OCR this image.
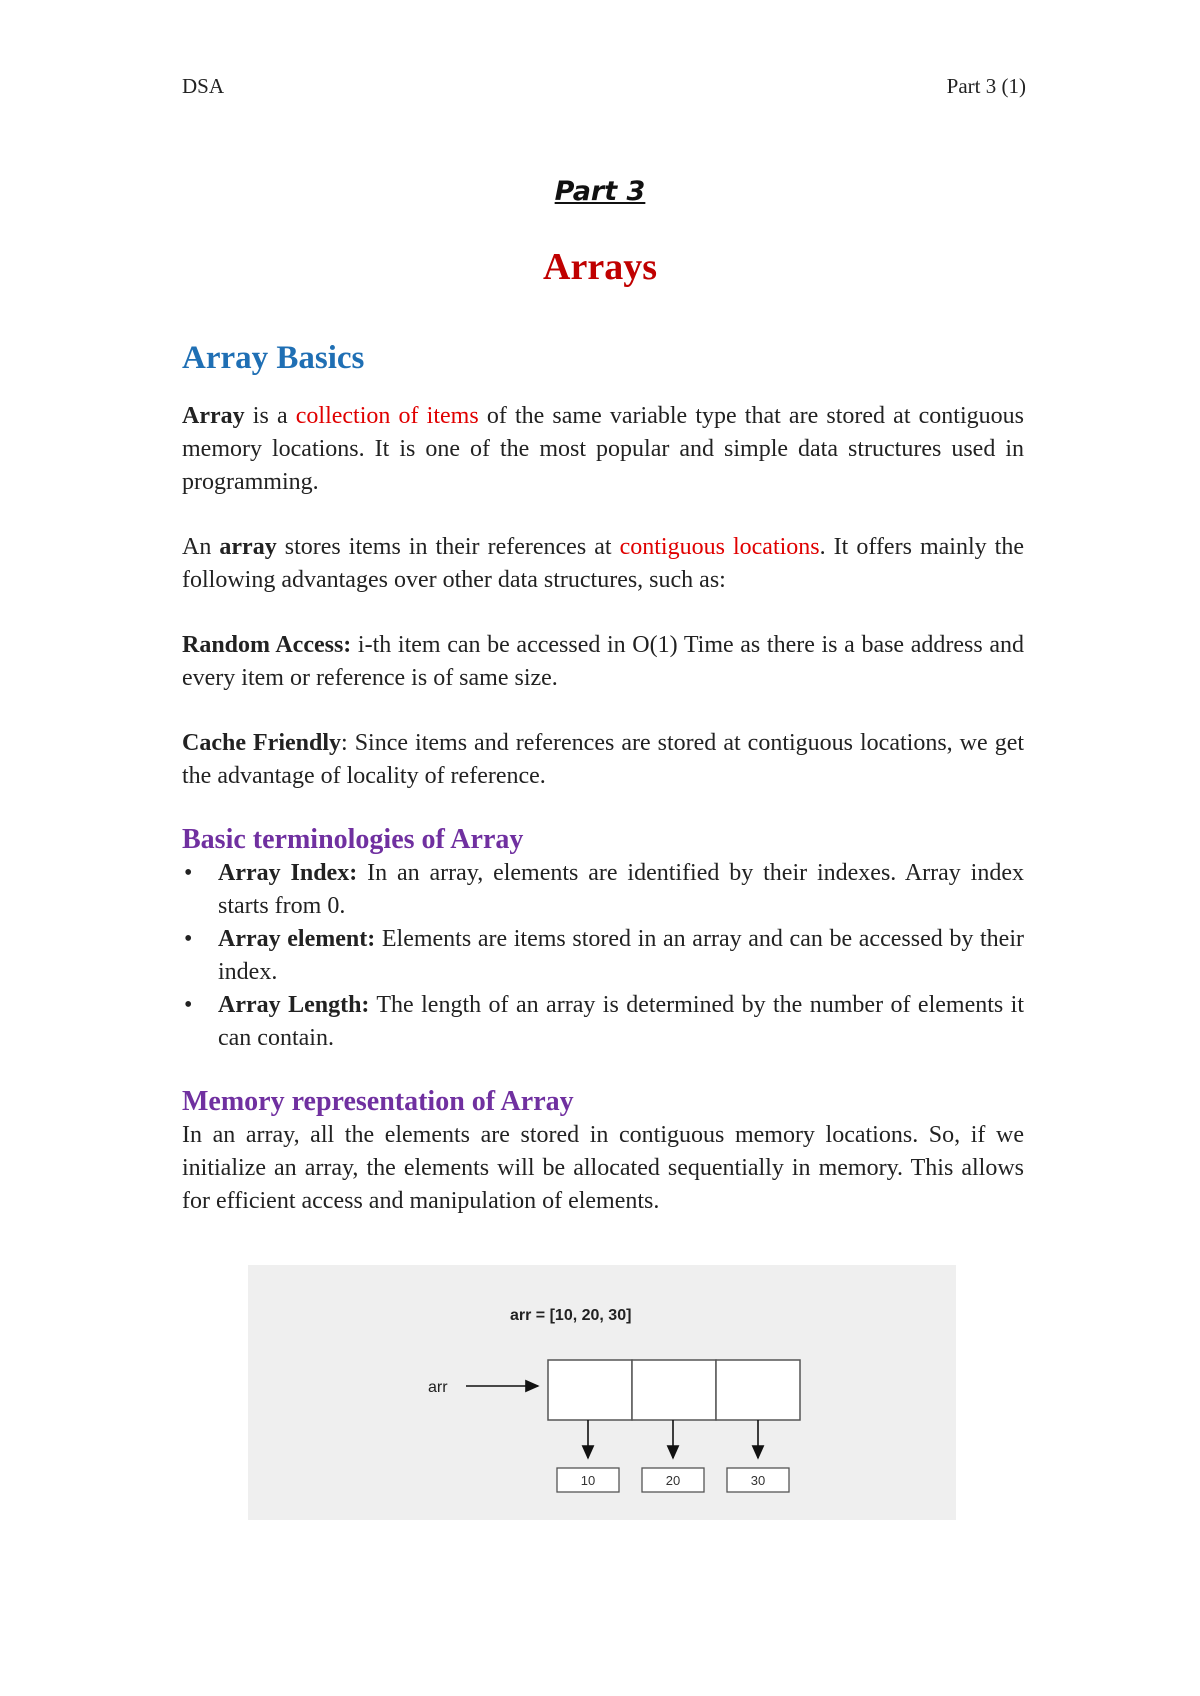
DSA	Part 3 (1)
Part 3
Arrays
Array Basics

Array is a collection of items of the same variable type that are stored at contiguous memory locations. It is one of the most popular and simple data structures used in programming.

An array stores items in their references at contiguous locations. It offers mainly the following advantages over other data structures, such as:

Random Access: i-th item can be accessed in O(1) Time as there is a base address and every item or reference is of same size.

Cache Friendly: Since items and references are stored at contiguous locations, we get the advantage of locality of reference.

Basic terminologies of Array
• Array Index: In an array, elements are identified by their indexes. Array index starts from 0.
• Array element: Elements are items stored in an array and can be accessed by their index.
• Array Length: The length of an array is determined by the number of elements it can contain.
Memory representation of Array

In an array, all the elements are stored in contiguous memory locations. So, if we initialize an array, the elements will be allocated sequentially in memory. This allows for efficient access and manipulation of elements.

arr = [10, 20, 30]
arr
10	20	30
